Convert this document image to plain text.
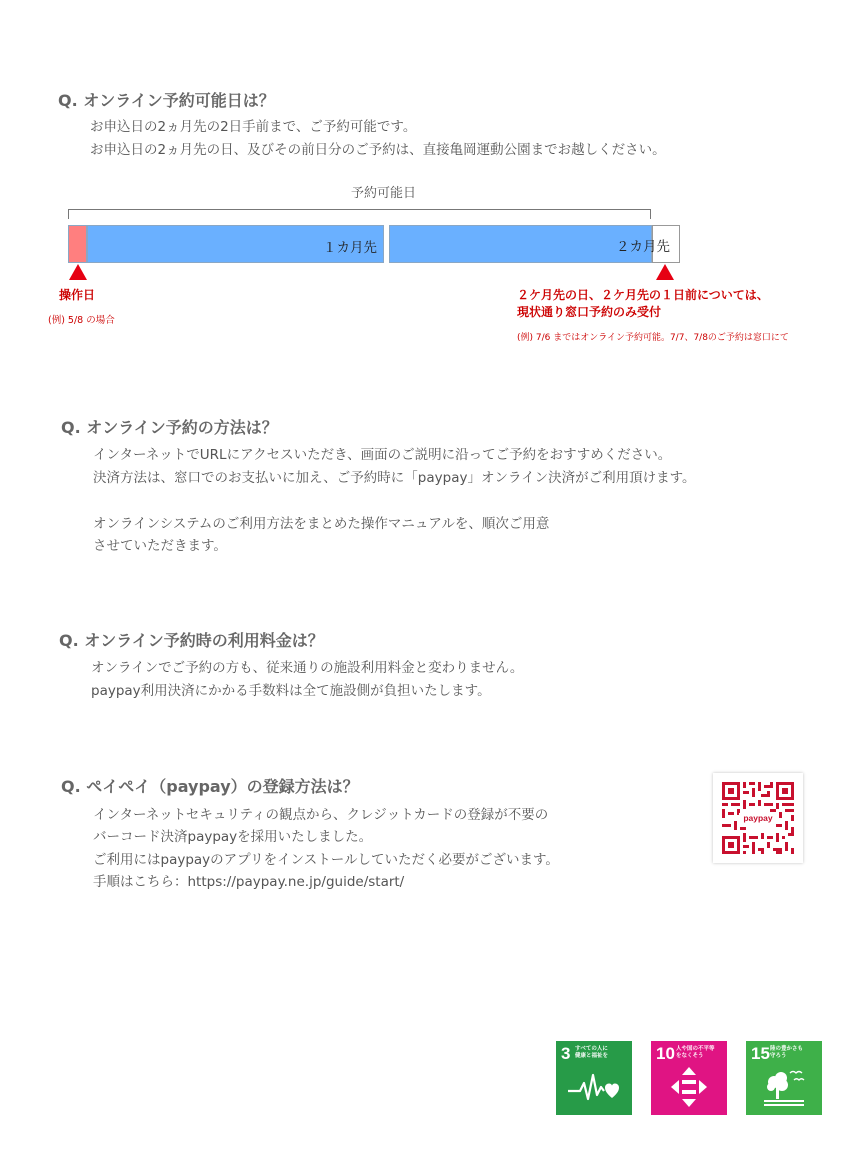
Q. オンライン予約可能日は？
お申込日の2ヵ月先の2日手前まで、ご予約可能です。
お申込日の2ヵ月先の日、及びその前日分のご予約は、直接亀岡運動公園までお越しください。
予約可能日
１カ月先	２カ月先
操作日
(例) 5/8 の場合
２ケ月先の日、２ケ月先の１日前については、
現状通り窓口予約のみ受付
(例) 7/6 まではオンライン予約可能。7/7、7/8のご予約は窓口にて
Q. オンライン予約の方法は？
インターネットでURLにアクセスいただき、画面のご説明に沿ってご予約をおすすめください。
決済方法は、窓口でのお支払いに加え、ご予約時に「paypay」オンライン決済がご利用頂けます。
オンラインシステムのご利用方法をまとめた操作マニュアルを、順次ご用意
させていただきます。
Q. オンライン予約時の利用料金は？
オンラインでご予約の方も、従来通りの施設利用料金と変わりません。
paypay利用決済にかかる手数料は全て施設側が負担いたします。
Q. ペイペイ（paypay）の登録方法は？
インターネットセキュリティの観点から、クレジットカードの登録が不要の
バーコード決済paypayを採用いたしました。
ご利用にはpaypayのアプリをインストールしていただく必要がございます。
手順はこちら：https://paypay.ne.jp/guide/start/
paypay
3 すべての人に
健康と福祉を	10 人や国の不平等
をなくそう	15 陸の豊かさも
守ろう
